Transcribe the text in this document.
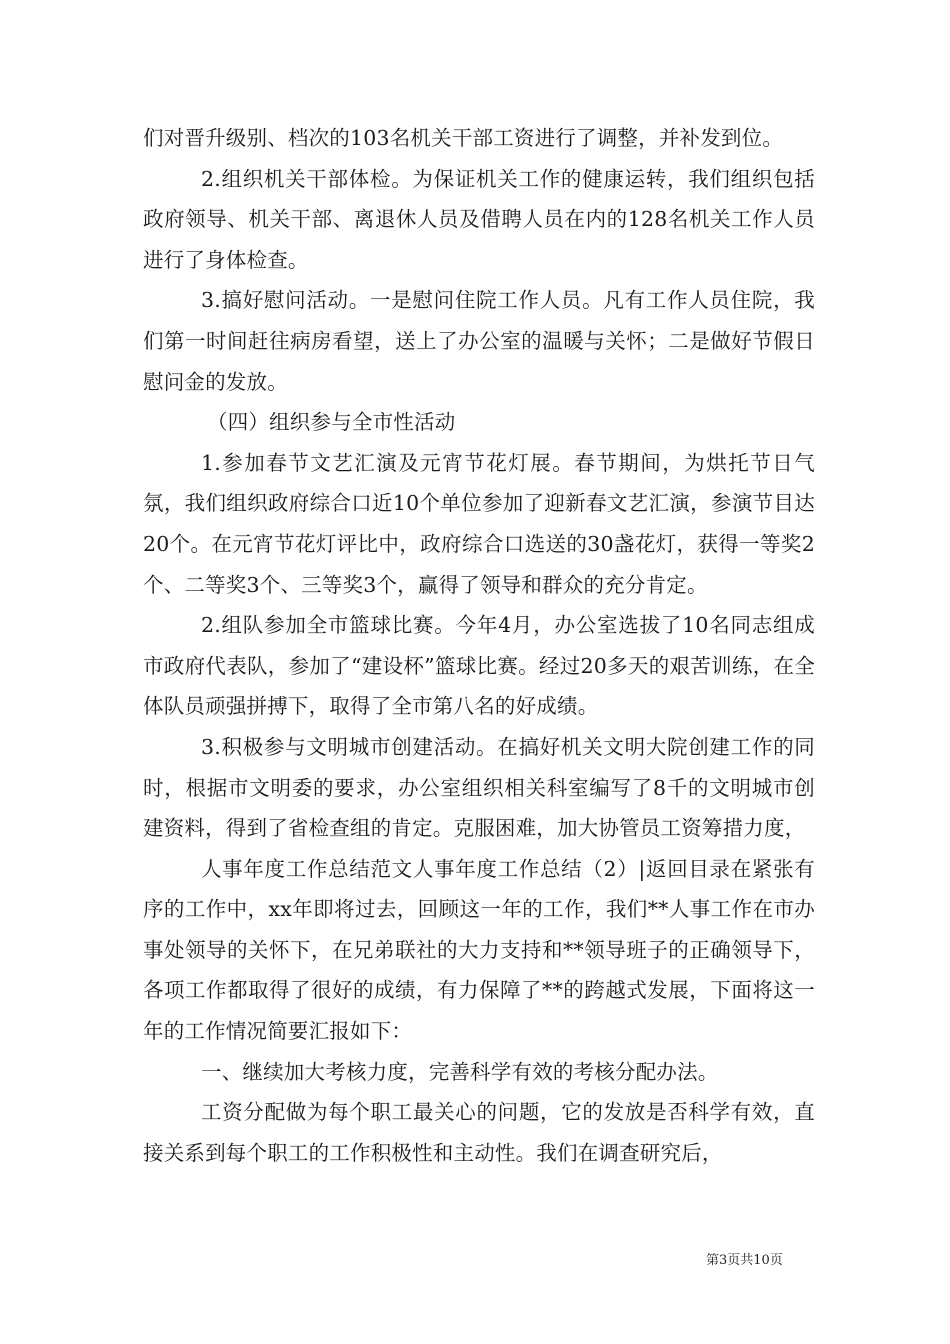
们对晋升级别、档次的103名机关干部工资进行了调整，并补发到位。

2.组织机关干部体检。为保证机关工作的健康运转，我们组织包括政府领导、机关干部、离退休人员及借聘人员在内的128名机关工作人员进行了身体检查。

3.搞好慰问活动。一是慰问住院工作人员。凡有工作人员住院，我们第一时间赶往病房看望，送上了办公室的温暖与关怀；二是做好节假日慰问金的发放。

（四）组织参与全市性活动

1.参加春节文艺汇演及元宵节花灯展。春节期间，为烘托节日气氛，我们组织政府综合口近10个单位参加了迎新春文艺汇演，参演节目达20个。在元宵节花灯评比中，政府综合口选送的30盏花灯，获得一等奖2个、二等奖3个、三等奖3个，赢得了领导和群众的充分肯定。

2.组队参加全市篮球比赛。今年4月，办公室选拔了10名同志组成市政府代表队，参加了“建设杯”篮球比赛。经过20多天的艰苦训练，在全体队员顽强拼搏下，取得了全市第八名的好成绩。

3.积极参与文明城市创建活动。在搞好机关文明大院创建工作的同时，根据市文明委的要求，办公室组织相关科室编写了8千的文明城市创建资料，得到了省检查组的肯定。克服困难，加大协管员工资筹措力度，

人事年度工作总结范文人事年度工作总结（2）|返回目录在紧张有序的工作中，xx年即将过去，回顾这一年的工作，我们**人事工作在市办事处领导的关怀下，在兄弟联社的大力支持和**领导班子的正确领导下，各项工作都取得了很好的成绩，有力保障了**的跨越式发展，下面将这一年的工作情况简要汇报如下：

一、继续加大考核力度，完善科学有效的考核分配办法。

工资分配做为每个职工最关心的问题，它的发放是否科学有效，直接关系到每个职工的工作积极性和主动性。我们在调查研究后，

第3页共10页
